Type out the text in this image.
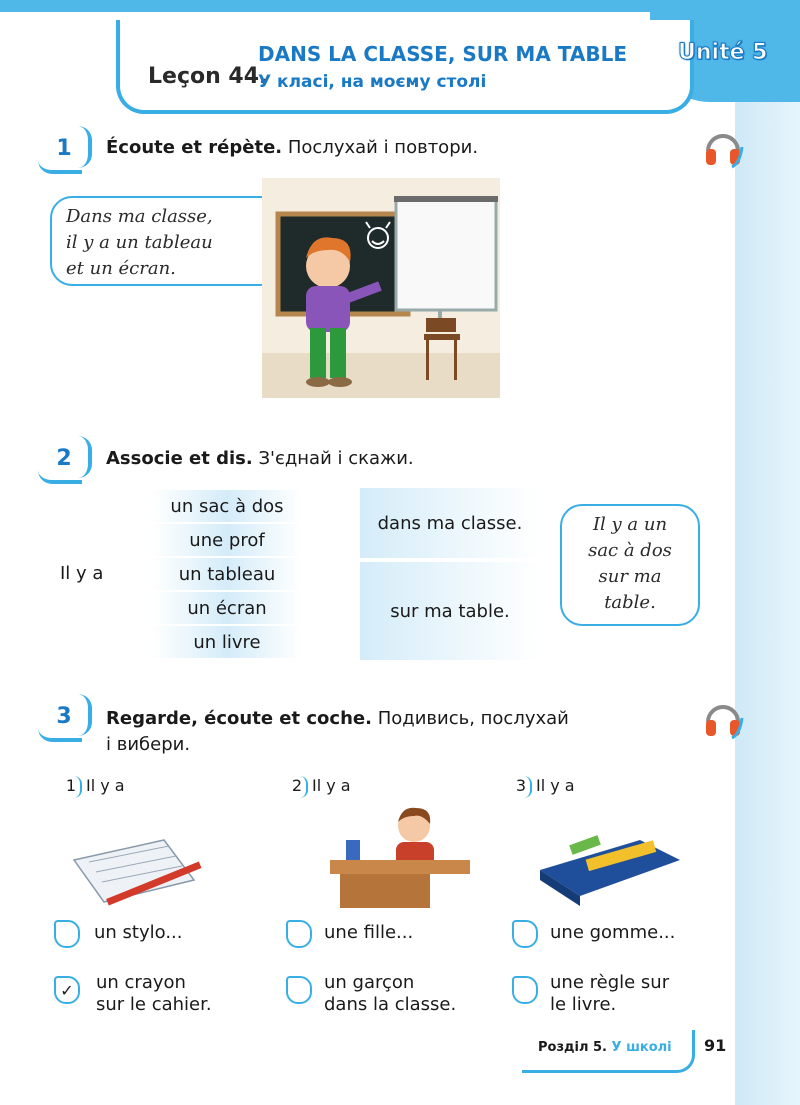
Leçon 44.
DANS LA CLASSE, SUR MA TABLE
У класі, на моєму столі
Unité 5
1	Écoute et répète. Послухай і повтори.
Dans ma classe,
il y a un tableau
et un écran.
2	Associe et dis. З'єднай і скажи.
Il y a
un sac à dos
une prof
un tableau
un écran
un livre
dans ma classe.
sur ma table.
Il y a un
sac à dos
sur ma
table.
3	Regarde, écoute et coche. Подивись, послухай
і вибери.
1 Il y a
un stylo...
✓ un crayon
sur le cahier.
2 Il y a
une fille...
un garçon
dans la classe.
3 Il y a
une gomme...
une règle sur
le livre.
Розділ 5. У школі 91
